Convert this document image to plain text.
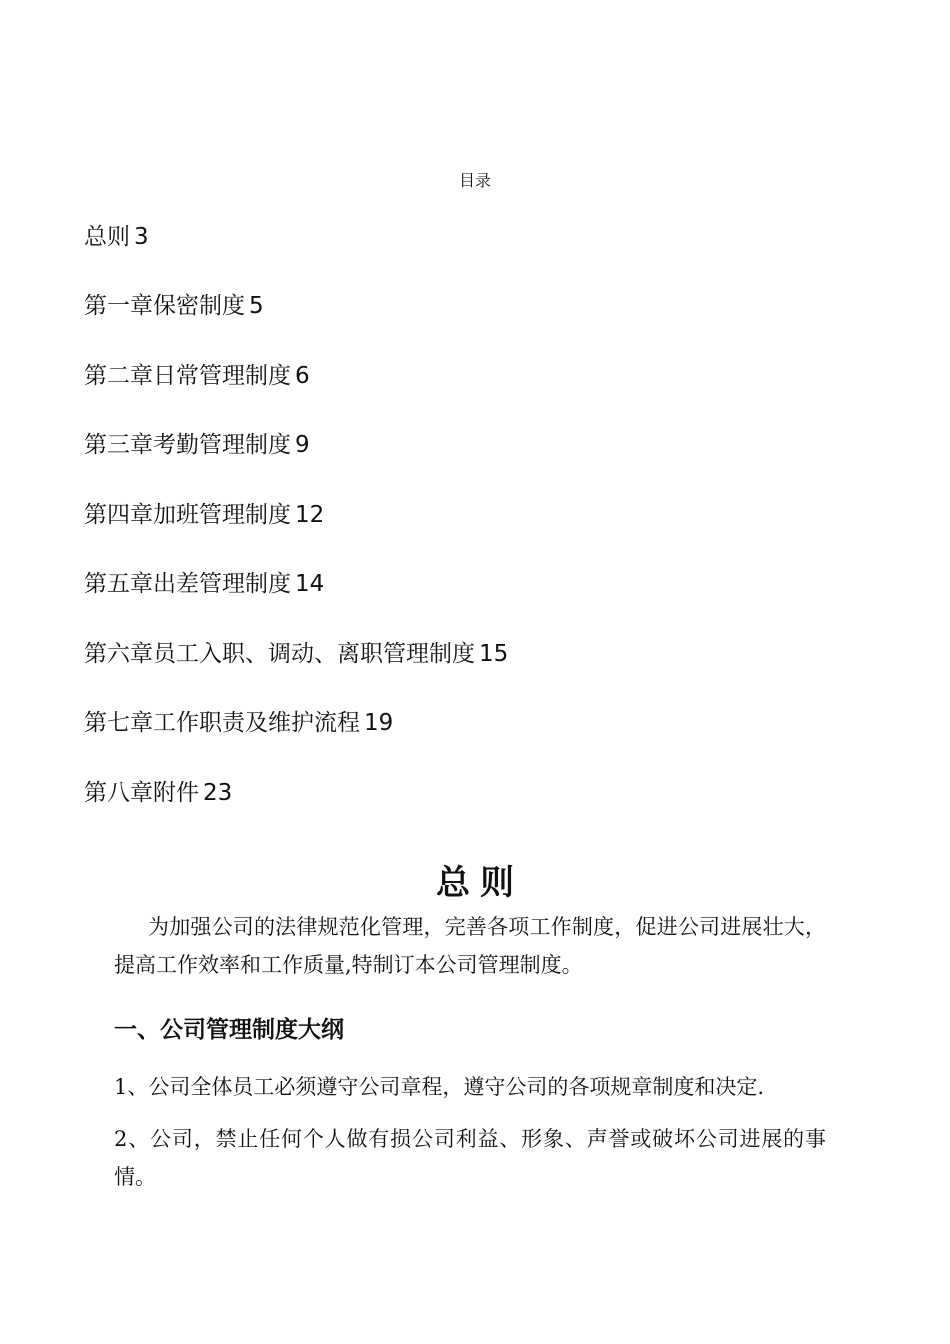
目录
总则 3
第一章保密制度 5
第二章日常管理制度 6
第三章考勤管理制度 9
第四章加班管理制度 12
第五章出差管理制度 14
第六章员工入职、调动、离职管理制度 15
第七章工作职责及维护流程 19
第八章附件 23
总则

为加强公司的法律规范化管理，完善各项工作制度，促进公司进展壮大，提高工作效率和工作质量,特制订本公司管理制度。

一、公司管理制度大纲

1、公司全体员工必须遵守公司章程，遵守公司的各项规章制度和决定.

2、公司，禁止任何个人做有损公司利益、形象、声誉或破坏公司进展的事情。
